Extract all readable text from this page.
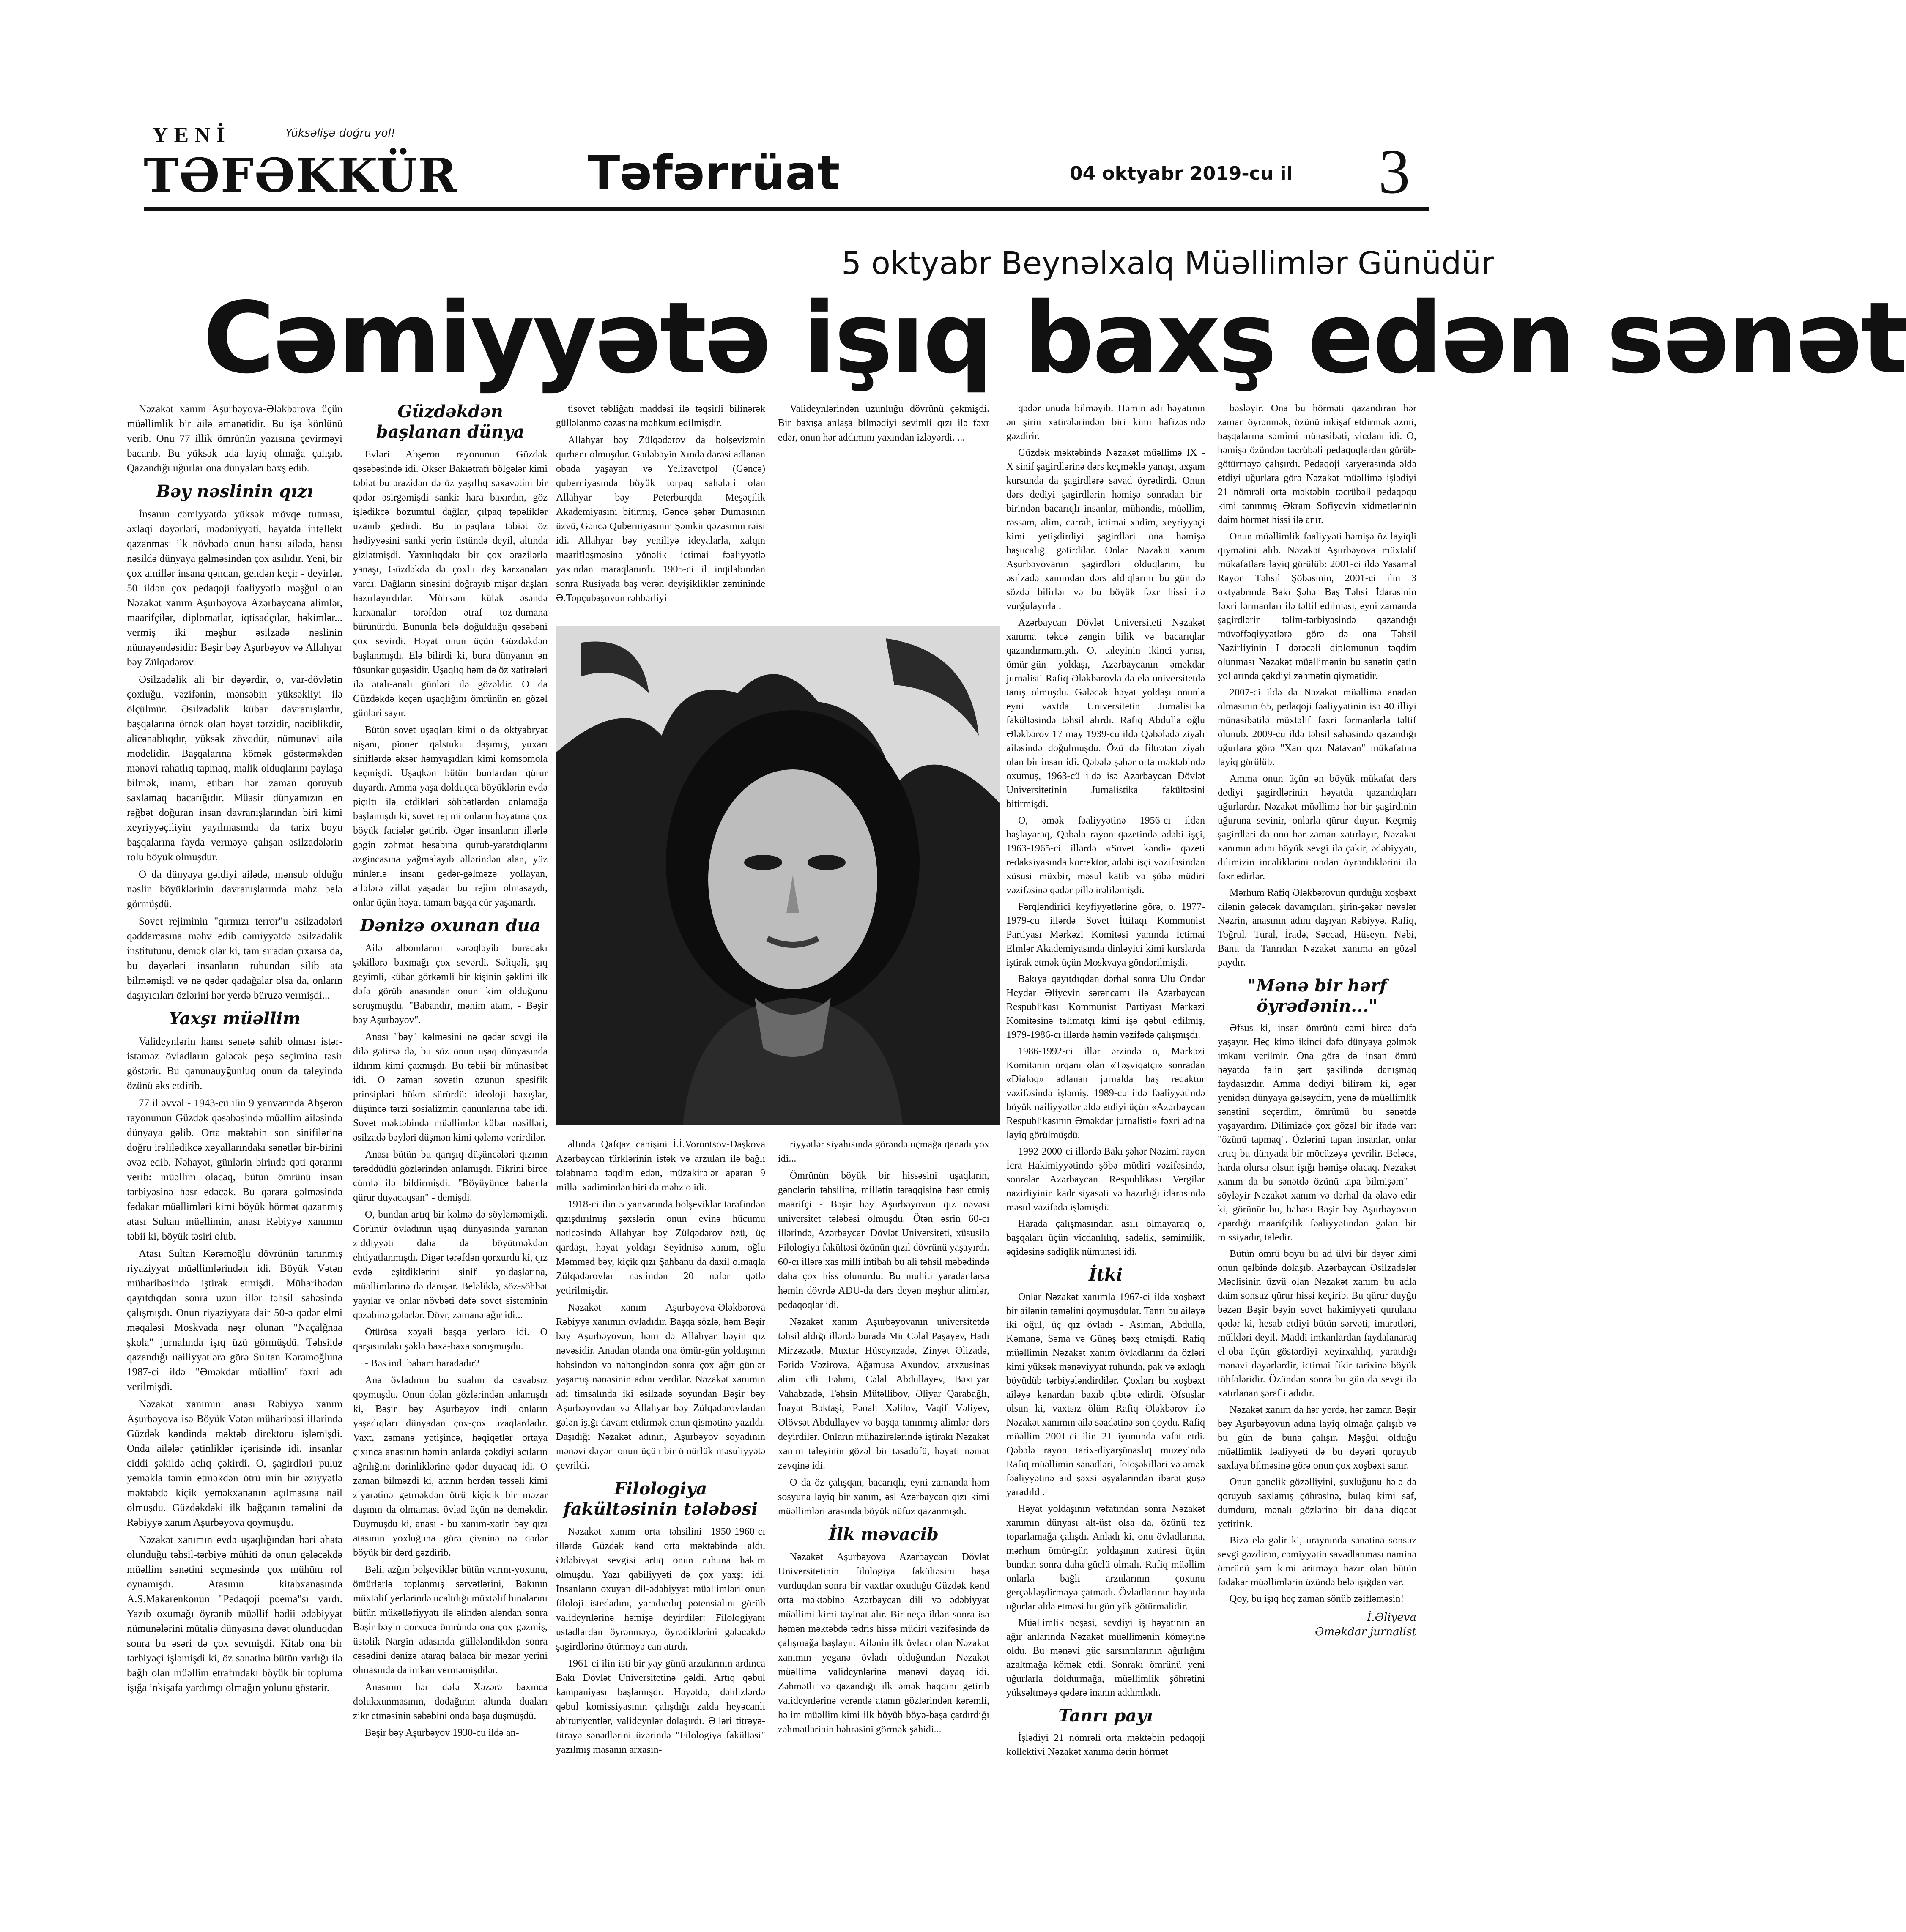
YENİ	Yüksəlişə doğru yol!
TƏFƏKKÜR	Təfərrüat	04 oktyabr 2019-cu il 3
5 oktyabr Beynəlxalq Müəllimlər Günüdür
Cəmiyyətə işıq baxş edən sənət

Nəzakət xanım Aşurbəyova-Ələkbərova üçün müəllimlik bir ailə əmanətidir. Bu işə könlünü verib. Onu 77 illik ömrünün yazısına çevirməyi bacarıb. Bu yüksək ada layiq olmağa çalışıb. Qazandığı uğurlar ona dünyaları bəxş edib.

Bəy nəslinin qızı

İnsanın cəmiyyətdə yüksək mövqe tutması, əxlaqi dəyərləri, mədəniyyəti, hayatda intellekt qazanması ilk növbədə onun hansı ailədə, hansı nəsildə dünyaya gəlməsindən çox asılıdır. Yeni, bir çox amillər insana qəndan, gendən keçir - deyirlər. 50 ildən çox pedaqoji fəaliyyətlə məşğul olan Nəzakət xanım Aşurbəyova Azərbaycana alimlər, maarifçilər, diplomatlar, iqtisadçılar, həkimlər... vermiş iki məşhur əsilzadə nəslinin nümayəndəsidir: Bəşir bəy Aşurbəyov və Allahyar bəy Zülqədərov.

Əsilzadəlik ali bir dəyərdir, o, var-dövlətin çoxluğu, vəzifənin, mənsəbin yüksəkliyi ilə ölçülmür. Əsilzadəlik kübar davranışlardır, başqalarına örnək olan həyat tərzidir, nəciblikdir, alicənablıqdır, yüksək zövqdür, nümunəvi ailə modelidir. Başqalarına kömək göstərməkdən mənəvi rahatlıq tapmaq, malik olduqlarını paylaşa bilmək, inamı, etibarı hər zaman qoruyub saxlamaq bacarığıdır. Müasir dünyamızın en rəğbət doğuran insan davranışlarından biri kimi xeyriyyəçiliyin yayılmasında da tarix boyu başqalarına fayda verməyə çalışan əsilzadələrin rolu böyük olmuşdur.

O da dünyaya gəldiyi ailədə, mənsub olduğu nəslin böyüklərinin davranışlarında məhz belə görmüşdü.

Sovet rejiminin "qırmızı terror"u əsilzadələri qəddarcasına məhv edib cəmiyyətdə əsilzadəlik institutunu, demək olar ki, tam sıradan çıxarsa da, bu dəyərləri insanların ruhundan silib ata bilməmişdi və nə qədər qadağalar olsa da, onların daşıyıcıları özlərini hər yerdə büruzə vermişdi...

Yaxşı müəllim

Valideynlərin hansı sənətə sahib olması istər-istəməz övladların gələcək peşə seçiminə təsir göstərir. Bu qanunauyğunluq onun da taleyində özünü əks etdirib.

77 il əvvəl - 1943-cü ilin 9 yanvarında Abşeron rayonunun Güzdək qəsəbəsində müəllim ailəsində dünyaya gəlib. Orta məktəbin son sinifilərinə doğru irəlilədikcə xəyallarındakı sənətlər bir-birini əvəz edib. Nəhayət, günlərin birində qəti qərarını verib: müəllim olacaq, bütün ömrünü insan tərbiyəsinə həsr edəcək. Bu qərara gəlməsində fədakar müəllimləri kimi böyük hörmət qazanmış atası Sultan müəllimin, anası Rəbiyyə xanımın təbii ki, böyük təsiri olub.

Atası Sultan Kərəmoğlu dövrünün tanınmış riyaziyyat müəllimlərindən idi. Böyük Vətən müharibəsində iştirak etmişdi. Müharibədən qayıtdıqdan sonra uzun illər təhsil sahəsində çalışmışdı. Onun riyaziyyata dair 50-ə qədər elmi məqaləsi Moskvada nəşr olunan "Naçalğnaa şkola" jurnalında işıq üzü görmüşdü. Təhsildə qazandığı nailiyyətlərə görə Sultan Kərəmoğluna 1987-ci ildə "Əməkdar müəllim" fəxri adı verilmişdi.

Nəzakət xanımın anası Rəbiyyə xanım Aşurbəyova isə Böyük Vətən müharibəsi illərində Güzdək kəndində məktəb direktoru işləmişdi. Onda ailələr çətinliklər içərisində idi, insanlar ciddi şəkildə aclıq çəkirdi. O, şagirdləri puluz yeməkla təmin etməkdən ötrü min bir əziyyətlə məktəbdə kiçik yeməkxananın açılmasına nail olmuşdu. Güzdəkdəki ilk bağçanın təməlini də Rəbiyyə xanım Aşurbəyova qoymuşdu.

Nəzakət xanımın evdə uşaqlığından bəri əhatə olunduğu təhsil-tərbiyə mühiti də onun gələcəkdə müəllim sənətini seçməsində çox mühüm rol oynamışdı. Atasının kitabxanasında A.S.Makarenkonun "Pedaqoji poema"sı vardı. Yazıb oxumağı öyrənib müəllif bədii ədəbiyyat nümunələrini mütaliə dünyasına dəvət olunduqdan sonra bu əsəri də çox sevmişdi. Kitab ona bir tərbiyəçi işləmişdi ki, öz sənətinə bütün varlığı ilə bağlı olan müəllim etrafındakı böyük bir topluma işığa inkişafa yardımçı olmağın yolunu göstərir.

Güzdəkdən
başlanan dünya

Evləri Abşeron rayonunun Güzdək qəsəbəsində idi. Əkser Bakıətrafı bölgələr kimi təbiət bu ərazidən də öz yaşıllıq səxavətini bir qədər əsirgəmişdi sanki: hara baxırdın, göz işlədikcə bozumtul dağlar, çılpaq təpəliklər uzanıb gedirdi. Bu torpaqlara təbiət öz hədiyyəsini sanki yerin üstündə deyil, altında gizlətmişdi. Yaxınlıqdakı bir çox ərazilərlə yanaşı, Güzdəkdə də çoxlu daş karxanaları vardı. Dağların sinəsini doğrayıb mişar daşları hazırlayırdılar. Möhkəm külək əsəndə karxanalar tərəfdən ətraf toz-dumana bürünürdü. Bununla belə doğulduğu qəsəbəni çox sevirdi. Həyat onun üçün Güzdəkdən başlanmışdı. Elə bilirdi ki, bura dünyanın ən füsunkar guşəsidir. Uşaqlıq həm də öz xatirələri ilə ətalı-analı günləri ilə gözəldir. O da Güzdəkdə keçən uşaqlığını ömrünün ən gözəl günləri sayır.

Bütün sovet uşaqları kimi o da oktyabryat nişanı, pioner qalstuku daşımış, yuxarı siniflərdə əksər həmyaşıdları kimi komsomola keçmişdi. Uşaqkən bütün bunlardan qürur duyardı. Amma yaşa dolduqca böyüklərin evdə piçıltı ilə etdikləri söhbətlərdən anlamağa başlamışdı ki, sovet rejimi onların həyatına çox böyük faciələr gətirib. Əgər insanların illərlə gəgin zəhmət hesabına qurub-yaratdıqlarını əzgincasına yağmalayıb əllərindən alan, yüz minlərlə insanı gədər-gəlməzə yollayan, ailələrə zillət yaşadan bu rejim olmasaydı, onlar üçün həyat tamam başqa cür yaşanardı.

Dənizə oxunan dua

Ailə albomlarını vərəqləyib buradakı şəkillərə baxmağı çox sevərdi. Səliqəli, şıq geyimli, kübar görkəmli bir kişinin şəklini ilk dəfə görüb anasından onun kim olduğunu soruşmuşdu. "Babandır, mənim atam, - Bəşir bəy Aşurbəyov".

Anası "bəy" kəlməsini nə qədər sevgi ilə dilə gətirsə də, bu söz onun uşaq dünyasında ildırım kimi çaxmışdı. Bu təbii bir münasibət idi. O zaman sovetin ozunun spesifik prinsipləri hökm sürürdü: ideoloji baxışlar, düşüncə tərzi sosializmin qanunlarına tabe idi. Sovet məktəbində müəllimlər kübar nəsilləri, əsilzadə bəyləri düşmən kimi qələmə verirdilər.

Anası bütün bu qarışıq düşüncələri qızının tərəddüdlü gözlərindən anlamışdı. Fikrini birce cümlə ilə bildirmişdi: "Böyüyünce babanla qürur duyacaqsan" - demişdi.

O, bundan artıq bir kəlmə də söyləməmişdi. Görünür övladının uşaq dünyasında yaranan ziddiyyəti daha da böyütməkdən ehtiyatlanmışdı. Digər tərəfdən qorxurdu ki, qız evdə eşitdiklərini sinif yoldaşlarına, müəllimlərinə də danışar. Beləliklə, söz-söhbət yayılar və onlar növbəti dəfə sovet sisteminin qəzəbinə gələrlər. Dövr, zəmanə ağır idi...

Ötürüsa xəyali başqa yerlərə idi. O qarşısındakı şəklə baxa-baxa soruşmuşdu.

- Bəs indi babam haradadır?

Ana övladının bu sualını da cavabsız qoymuşdu. Onun dolan gözlərindən anlamışdı ki, Bəşir bəy Aşurbəyov indi onların yaşadıqları dünyadan çox-çox uzaqlardadır. Vaxt, zəmanə yetişincə, həqiqətlər ortaya çıxınca anasının həmin anlarda çəkdiyi acıların ağrılığını dərinliklərinə qədər duyacaq idi. O zaman bilməzdi ki, atanın herdən təssəli kimi ziyarətinə getməkdən ötrü kiçicik bir məzar daşının da olmaması övlad üçün nə deməkdir. Duymuşdu ki, anası - bu xanım-xatin bəy qızı atasının yoxluğuna görə çiyninə nə qədər böyük bir dərd gəzdirib.

Bəli, azğın bolşeviklər bütün varını-yoxunu, ömürlərlə toplanmış sərvətlərini, Bakının müxtəlif yerlərində ucaltdığı müxtəlif binalarını bütün mükəlləfiyyatı ilə əlindən aləndan sonra Bəşir bəyin qorxuca ömründə ona çox gəzmiş, üstəlik Nargin adasında güllələndikdən sonra cəsədini dənizə ataraq balaca bir məzar yerini olmasında da imkan verməmişdilər.

Anasının hər dəfə Xəzərə baxınca dolukxunmasının, dodağının altında duaları zikr etməsinin səbəbini onda başa düşmüşdü.

Bəşir bəy Aşurbəyov 1930-cu ildə an-

tisovet təbliğatı maddəsi ilə təqsirli bilinərək güllələnmə cəzasına məhkum edilmişdir.

Allahyar bəy Zülqədərov da bolşevizmin qurbanı olmuşdur. Gədəbəyin Xındə dərəsi adlanan obada yaşayan və Yelizavetpol (Gəncə) quberniyasında böyük torpaq sahələri olan Allahyar bəy Peterburqda Meşəçilik Akademiyasını bitirmiş, Gəncə şəhər Dumasının üzvü, Gəncə Quberniyasının Şəmkir qəzasının rəisi idi. Allahyar bəy yeniliyə ideyalarla, xalqın maarifləşməsinə yönəlik ictimai fəaliyyətlə yaxından maraqlanırdı. 1905-ci il inqilabından sonra Rusiyada baş verən deyişikliklər zəmininde Ə.Topçubaşovun rəhbərliyi

Valideynlərindən uzunluğu dövrünü çəkmişdi. Bir baxışa anlaşa bilmədiyi sevimli qızı ilə fəxr edər, onun hər addımını yaxından izləyərdi. ...

altında Qafqaz canişini İ.İ.Vorontsov-Daşkova Azərbaycan türklərinin istək və arzuları ilə bağlı təlabnamə təqdim edən, müzakirələr aparan 9 millət xadimindən biri də məhz o idi.

1918-ci ilin 5 yanvarında bolşeviklər tərəfindən qızışdırılmış şəxslərin onun evinə hücumu nəticəsində Allahyar bəy Zülqədərov özü, üç qardaşı, həyat yoldaşı Seyidnisə xanım, oğlu Məmməd bəy, kiçik qızı Şahbanu da daxil olmaqla Zülqədərovlar nəslindən 20 nəfər qətlə yetirilmişdir.

Nəzakət xanım Aşurbəyova-Ələkbərova Rəbiyyə xanımın övladıdır. Başqa sözlə, həm Bəşir bəy Aşurbəyovun, həm də Allahyar bəyin qız nəvəsidir. Anadan olanda ona ömür-gün yoldaşının həbsindən və nəhəngindən sonra çox ağır günlər yaşamış nənəsinin adını verdilər. Nəzakət xanımın adı timsalında iki əsilzadə soyundan Bəşir bəy Aşurbəyovdan və Allahyar bəy Zülqədərovlardan gələn işığı davam etdirmək onun qismətinə yazıldı. Daşıdığı Nəzakət adının, Aşurbəyov soyadının mənəvi dəyəri onun üçün bir ömürlük məsuliyyətə çevrildi.

Filologiya
fakültəsinin tələbəsi

Nəzakət xanım orta təhsilini 1950-1960-cı illərdə Güzdək kənd orta məktəbində aldı. Ədəbiyyat sevgisi artıq onun ruhuna hakim olmuşdu. Yazı qabiliyyəti də çox yaxşı idi. İnsanların oxuyan dil-ədəbiyyat müəllimləri onun filoloji istedadını, yaradıcılıq potensialını görüb valideynlərinə həmişə deyirdilər: Filologiyanı ustadlardan öyrənməyə, öyrədiklərini gələcəkdə şagirdlərinə ötürməyə can atırdı.

1961-ci ilin isti bir yay günü arzularının ardınca Bakı Dövlət Universitetinə gəldi. Artıq qəbul kampaniyası başlamışdı. Həyətdə, dəhlizlərdə qəbul komissiyasının çalışdığı zalda heyəcanlı abituriyentlər, valideynlər dolaşırdı. Əlləri titrəyə-titrəyə sənədlərini üzərində "Filologiya fakültəsi" yazılmış masanın arxasın-

riyyətlər siyahısında görəndə uçmağa qanadı yox idi...

Ömrünün böyük bir hissəsini uşaqların, gənclərin təhsilinə, millətin tərəqqisinə həsr etmiş maarifçi - Bəşir bəy Aşurbəyovun qız nəvəsi universitet tələbəsi olmuşdu. Ötən əsrin 60-cı illərində, Azərbaycan Dövlət Universiteti, xüsusilə Filologiya fakültəsi özünün qızıl dövrünü yaşayırdı. 60-cı illərə xas milli intibah bu ali təhsil məbədində daha çox hiss olunurdu. Bu muhiti yaradanlarsa həmin dövrdə ADU-da dərs deyən məşhur alimlər, pedaqoqlar idi.

Nəzakət xanım Aşurbəyovanın universitetdə təhsil aldığı illərdə burada Mir Cəlal Paşayev, Hadi Mirzəzadə, Muxtar Hüseynzadə, Zinyət Əlizadə, Fəridə Vəzirova, Ağamusa Axundov, arxzusinas alim Əli Fəhmi, Cəlal Abdullayev, Bəxtiyar Vahabzadə, Təhsin Mütəllibov, Əliyar Qarabağlı, İnayət Bəktaşi, Pənah Xəlilov, Vaqif Vəliyev, Əlövsət Abdullayev və başqa tanınmış alimlər dərs deyirdilər. Onların mühazirələrində iştirakı Nəzakət xanım taleyinin gözəl bir təsadüfü, həyati nəmət zəvqinə idi.

O da öz çalışqan, bacarıqlı, eyni zamanda həm sosyuna layiq bir xanım, əsl Azərbaycan qızı kimi müəllimləri arasında böyük nüfuz qazanmışdı.

İlk məvacib

Nəzakət Aşurbəyova Azərbaycan Dövlət Universitetinin filologiya fakültəsini başa vurduqdan sonra bir vaxtlar oxuduğu Güzdək kənd orta məktəbinə Azərbaycan dili və ədəbiyyat müəllimi kimi təyinat alır. Bir neçə ildən sonra isə həmən məktəbdə tədris hissə müdiri vəzifəsində də çalışmağa başlayır. Ailənin ilk övladı olan Nəzakət xanımın yeganə övladı olduğundan Nəzakət müəllimə valideynlərinə mənəvi dayaq idi. Zəhmətli və qazandığı ilk əmək haqqını getirib valideynlərinə verəndə atanın gözlərindən kərəmli, həlim müəllim kimi ilk böyüb böyə-başa çatdırdığı zəhmətlərinin bəhrəsini görmək şahidi...

qədər unuda bilməyib. Həmin adı həyatının ən şirin xatirələrindən biri kimi hafizəsində gəzdirir.

Güzdək məktəbində Nəzakət müəllimə IX - X sinif şagirdlərinə dərs keçməklə yanaşı, axşam kursunda da şagirdlərə savad öyrədirdi. Onun dərs dediyi şagirdlərin həmişə sonradan bir-birindən bacarıqlı insanlar, mühəndis, müəllim, rəssam, alim, cərrah, ictimai xadim, xeyriyyəçi kimi yetişdirdiyi şagirdləri ona həmişə başucalığı gətirdilər. Onlar Nəzakət xanım Aşurbəyovanın şagirdləri olduqlarını, bu əsilzadə xanımdan dərs aldıqlarını bu gün də sözdə bilirlər və bu böyük fəxr hissi ilə vurğulayırlar.

Azərbaycan Dövlət Universiteti Nəzakət xanıma təkcə zəngin bilik və bacarıqlar qazandırmamışdı. O, taleyinin ikinci yarısı, ömür-gün yoldaşı, Azərbaycanın əməkdar jurnalisti Rafiq Ələkbərovla da elə universitetdə tanış olmuşdu. Gələcək həyat yoldaşı onunla eyni vaxtda Universitetin Jurnalistika fakültəsində təhsil alırdı. Rafiq Abdulla oğlu Ələkbərov 17 may 1939-cu ildə Qəbələdə ziyalı ailəsində doğulmuşdu. Özü də filtrətən ziyalı olan bir insan idi. Qəbələ şəhər orta məktəbində oxumuş, 1963-cü ildə isə Azərbaycan Dövlət Universitetinin Jurnalistika fakültəsini bitirmişdi.

O, əmək fəaliyyətinə 1956-cı ildən başlayaraq, Qəbələ rayon qəzetində ədəbi işçi, 1963-1965-ci illərdə «Sovet kəndi» qəzeti redaksiyasında korrektor, ədəbi işçi vəzifəsindən xüsusi müxbir, məsul katib və şöbə müdiri vəzifəsinə qədər pillə irəliləmişdi.

Fərqləndirici keyfiyyətlərinə görə, o, 1977-1979-cu illərdə Sovet İttifaqı Kommunist Partiyası Mərkəzi Komitəsi yanında İctimai Elmlər Akademiyasında dinləyici kimi kurslarda iştirak etmək üçün Moskvaya göndərilmişdi.

Bakıya qayıtdıqdan dərhal sonra Ulu Öndər Heydər Əliyevin sərəncamı ilə Azərbaycan Respublikası Kommunist Partiyası Mərkəzi Komitəsinə təlimatçı kimi işə qəbul edilmiş, 1979-1986-cı illərdə həmin vəzifədə çalışmışdı.

1986-1992-ci illər ərzində o, Mərkəzi Komitənin orqanı olan «Təşviqatçı» sonradan «Dialoq» adlanan jurnalda baş redaktor vəzifəsində işləmiş. 1989-cu ildə fəaliyyətində böyük nailiyyətlər əldə etdiyi üçün «Azərbaycan Respublikasının Əməkdar jurnalisti» fəxri adına layiq görülmüşdü.

1992-2000-ci illərdə Bakı şəhər Nəzimi rayon İcra Hakimiyyətində şöbə müdiri vəzifəsində, sonralar Azərbaycan Respublikası Vergilər nazirliyinin kadr siyasəti və hazırlığı idarəsində məsul vəzifədə işləmişdi.

Harada çalışmasından asılı olmayaraq o, başqaları üçün vicdanlılıq, sadəlik, səmimilik, əqidəsinə sadiqlik nümunəsi idi.

İtki

Onlar Nəzakət xanımla 1967-ci ildə xoşbəxt bir ailənin təməlini qoymuşdular. Tanrı bu ailəyə iki oğul, üç qız övladı - Asiman, Abdulla, Kəmanə, Səma və Günəş bəxş etmişdi. Rafiq müəllimin Nəzakət xanım övladlarını da özləri kimi yüksək mənəviyyat ruhunda, pak və əxlaqlı böyüdüb tərbiyələndirdilər. Çoxları bu xoşbəxt ailəyə kənardan baxıb qibtə edirdi. Əfsuslar olsun ki, vaxtsız ölüm Rafiq Ələkbərov ilə Nəzakət xanımın ailə səadətinə son qoydu. Rafiq müəllim 2001-ci ilin 21 iyununda vəfat etdi. Qəbələ rayon tarix-diyarşünaslıq muzeyində Rafiq müəllimin sənədləri, fotoşəkilləri və əmək fəaliyyətinə aid şəxsi əşyalarından ibarət guşə yaradıldı.

Həyat yoldaşının vəfatından sonra Nəzakət xanımın dünyası alt-üst olsa da, özünü tez toparlamağa çalışdı. Anladı ki, onu övladlarına, mərhum ömür-gün yoldaşının xatirəsi üçün bundan sonra daha güclü olmalı. Rafiq müəllim onlarla bağlı arzularının çoxunu gerçəkləşdirməyə çatmadı. Övladlarının həyatda uğurlar əldə etməsi bu gün yük götürməlidir.

Müəllimlik peşəsi, sevdiyi iş həyatının ən ağır anlarında Nəzakət müəllimənin köməyinə oldu. Bu mənəvi güc sarsıntılarının ağırlığını azaltmağa kömək etdi. Sonrakı ömrünü yeni uğurlarla doldurmağa, müəllimlik şöhrətini yüksəltməyə qədərə inanın addımladı.

Tanrı payı

İşlədiyi 21 nömrəli orta məktəbin pedaqoji kollektivi Nəzakət xanıma dərin hörmət

bəsləyir. Ona bu hörməti qazandıran hər zaman öyrənmək, özünü inkişaf etdirmək əzmi, başqalarına səmimi münasibəti, vicdanı idi. O, həmişə özündən təcrübəli pedaqoqlardan görüb-götürməyə çalışırdı. Pedaqoji karyerasında əldə etdiyi uğurlara görə Nəzakət müəllimə işlədiyi 21 nömrəli orta məktəbin təcrübəli pedaqoqu kimi tanınmış Əkram Sofiyevin xidmətlərinin daim hörmət hissi ilə anır.

Onun müəllimlik fəaliyyəti həmişə öz layiqli qiymətini alıb. Nəzakət Aşurbəyova müxtəlif mükafatlara layiq görülüb: 2001-ci ildə Yasamal Rayon Təhsil Şöbəsinin, 2001-ci ilin 3 oktyabrında Bakı Şəhər Baş Təhsil İdarəsinin fəxri fərmanları ilə təltif edilməsi, eyni zamanda şagirdlərin təlim-tərbiyəsində qazandığı müvəffəqiyyətlərə görə də ona Təhsil Nazirliyinin I dərəcəli diplomunun təqdim olunması Nəzakət müəllimənin bu sənətin çətin yollarında çəkdiyi zəhmətin qiymətidir.

2007-ci ildə də Nəzakət müəllimə anadan olmasının 65, pedaqoji fəaliyyətinin isə 40 illiyi münasibətilə müxtəlif fəxri fərmanlarla təltif olunub. 2009-cu ildə təhsil sahəsində qazandığı uğurlara görə "Xan qızı Natavan" mükafatına layiq görülüb.

Amma onun üçün ən böyük mükafat dərs dediyi şagirdlərinin həyatda qazandıqları uğurlardır. Nəzakət müəllimə hər bir şagirdinin uğuruna sevinir, onlarla qürur duyur. Keçmiş şagirdləri də onu hər zaman xatırlayır, Nəzakət xanımın adını böyük sevgi ilə çəkir, ədəbiyyatı, dilimizin incəliklərini ondan öyrəndiklərini ilə fəxr edirlər.

Mərhum Rafiq Ələkbərovun qurduğu xoşbəxt ailənin gələcək davamçıları, şirin-şəkər nəvələr Nəzrin, anasının adını daşıyan Rəbiyyə, Rafiq, Toğrul, Tural, İradə, Səccad, Hüseyn, Nəbi, Banu da Tanrıdan Nəzakət xanıma ən gözəl paydır.

"Mənə bir hərf
öyrədənin..."

Əfsus ki, insan ömrünü cəmi bircə dəfə yaşayır. Heç kimə ikinci dəfə dünyaya gəlmək imkanı verilmir. Ona görə də insan ömrü həyatda fəlin şərt şəkilində danışmaq faydasızdır. Amma dediyi bilirəm ki, əgər yenidən dünyaya gəlsəydim, yenə də müəllimlik sənətini seçərdim, ömrümü bu sənətdə yaşayardım. Dilimizdə çox gözəl bir ifadə var: "özünü tapmaq". Özlərini tapan insanlar, onlar artıq bu dünyada bir möcüzəyə çevrilir. Beləcə, harda olursa olsun işığı həmişə olacaq. Nəzakət xanım da bu sənətdə özünü tapa bilmişəm" - söyləyir Nəzakət xanım və dərhal da əlavə edir ki, görünür bu, babası Bəşir bəy Aşurbəyovun apardığı maarifçilik fəaliyyətindən gələn bir missiyadır, taledir.

Bütün ömrü boyu bu ad ülvi bir dəyər kimi onun qəlbində dolaşıb. Azərbaycan Əsilzadələr Məclisinin üzvü olan Nəzakət xanım bu adla daim sonsuz qürur hissi keçirib. Bu qürur duyğu bəzən Bəşir bəyin sovet hakimiyyəti qurulana qədər ki, hesab etdiyi bütün sərvəti, imarətləri, mülkləri deyil. Maddi imkanlardan faydalanaraq el-oba üçün göstərdiyi xeyirxahlıq, yaratdığı mənəvi dəyərlərdir, ictimai fikir tarixinə böyük töhfələridir. Özündən sonra bu gün də sevgi ilə xatırlanan şərafli adıdır.

Nəzakət xanım da hər yerdə, hər zaman Bəşir bəy Aşurbəyovun adına layiq olmağa çalışıb və bu gün də buna çalışır. Məşğul olduğu müəllimlik fəaliyyəti də bu dəyəri qoruyub saxlaya bilməsinə görə onun çox xoşbəxt sanır.

Onun gənclik gözəlliyini, şuxluğunu hələ də qoruyub saxlamış çöhrəsinə, bulaq kimi saf, dumduru, mənalı gözlərinə bir daha diqqət yetirirık.

Bizə elə gəlir ki, uraynında sənətinə sonsuz sevgi gəzdirən, cəmiyyətin savadlanması naminə ömrünü şam kimi əritməyə hazır olan bütün fədakar müəllimlərin üzündə belə işığdan var.

Qoy, bu işıq heç zaman sönüb zəifləməsin!

İ.Əliyeva
Əməkdar jurnalist
